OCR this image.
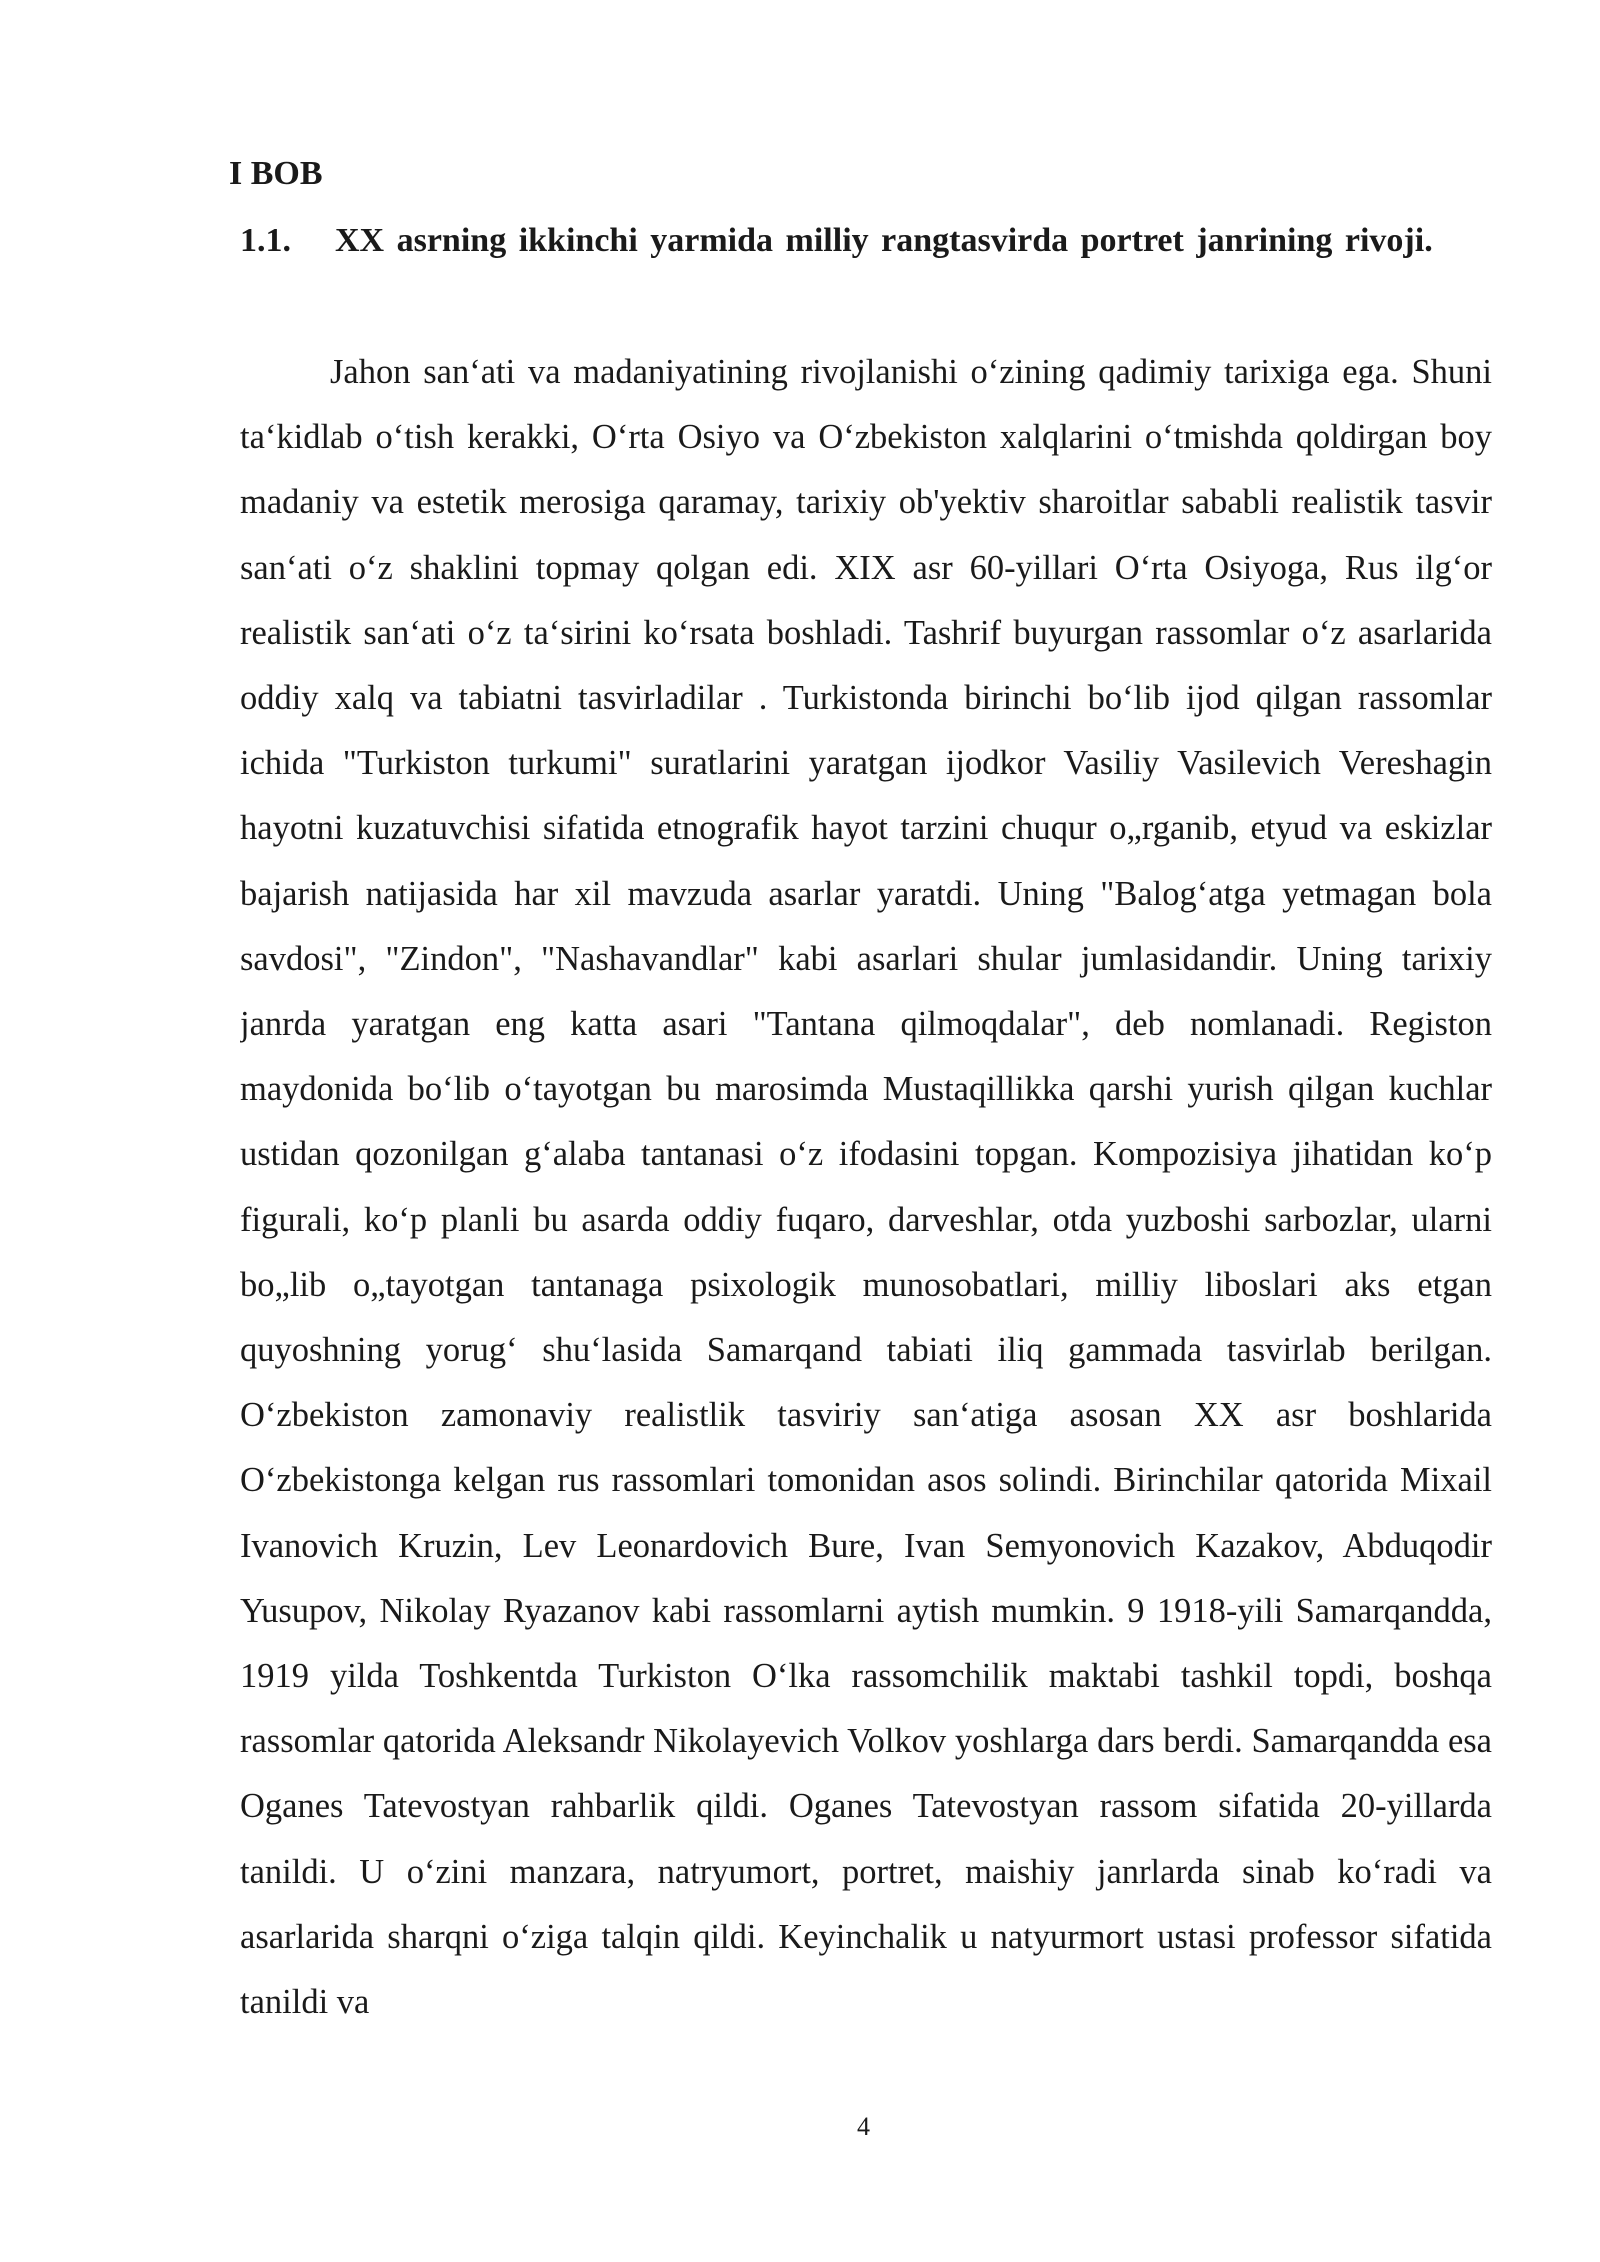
I BOB
1.1.	XX asrning ikkinchi yarmida milliy rangtasvirda portret janrining rivoji.

Jahon san‘ati va madaniyatining rivojlanishi o‘zining qadimiy tarixiga ega. Shuni ta‘kidlab o‘tish kerakki, O‘rta Osiyo va O‘zbekiston xalqlarini o‘tmishda qoldirgan boy madaniy va estetik merosiga qaramay, tarixiy ob'yektiv sharoitlar sababli realistik tasvir san‘ati o‘z shaklini topmay qolgan edi. XIX asr 60-yillari O‘rta Osiyoga, Rus ilg‘or realistik san‘ati o‘z ta‘sirini ko‘rsata boshladi. Tashrif buyurgan rassomlar o‘z asarlarida oddiy xalq va tabiatni tasvirladilar . Turkistonda birinchi bo‘lib ijod qilgan rassomlar ichida "Turkiston turkumi" suratlarini yaratgan ijodkor Vasiliy Vasilevich Vereshagin hayotni kuzatuvchisi sifatida etnografik hayot tarzini chuqur o„rganib, etyud va eskizlar bajarish natijasida har xil mavzuda asarlar yaratdi. Uning "Balog‘atga yetmagan bola savdosi", "Zindon", "Nashavandlar" kabi asarlari shular jumlasidandir. Uning tarixiy janrda yaratgan eng katta asari "Tantana qilmoqdalar", deb nomlanadi. Registon maydonida bo‘lib o‘tayotgan bu marosimda Mustaqillikka qarshi yurish qilgan kuchlar ustidan qozonilgan g‘alaba tantanasi o‘z ifodasini topgan. Kompozisiya jihatidan ko‘p figurali, ko‘p planli bu asarda oddiy fuqaro, darveshlar, otda yuzboshi sarbozlar, ularni bo„lib o„tayotgan tantanaga psixologik munosobatlari, milliy liboslari aks etgan quyoshning yorug‘ shu‘lasida Samarqand tabiati iliq gammada tasvirlab berilgan. O‘zbekiston zamonaviy realistlik tasviriy san‘atiga asosan XX asr boshlarida O‘zbekistonga kelgan rus rassomlari tomonidan asos solindi. Birinchilar qatorida Mixail Ivanovich Kruzin, Lev Leonardovich Bure, Ivan Semyonovich Kazakov, Abduqodir Yusupov, Nikolay Ryazanov kabi rassomlarni aytish mumkin. 9 1918-yili Samarqandda, 1919 yilda Toshkentda Turkiston O‘lka rassomchilik maktabi tashkil topdi, boshqa rassomlar qatorida Aleksandr Nikolayevich Volkov yoshlarga dars berdi. Samarqandda esa Oganes Tatevostyan rahbarlik qildi. Oganes Tatevostyan rassom sifatida 20-yillarda tanildi. U o‘zini manzara, natryumort, portret, maishiy janrlarda sinab ko‘radi va asarlarida sharqni o‘ziga talqin qildi. Keyinchalik u natyurmort ustasi professor sifatida tanildi va

4
